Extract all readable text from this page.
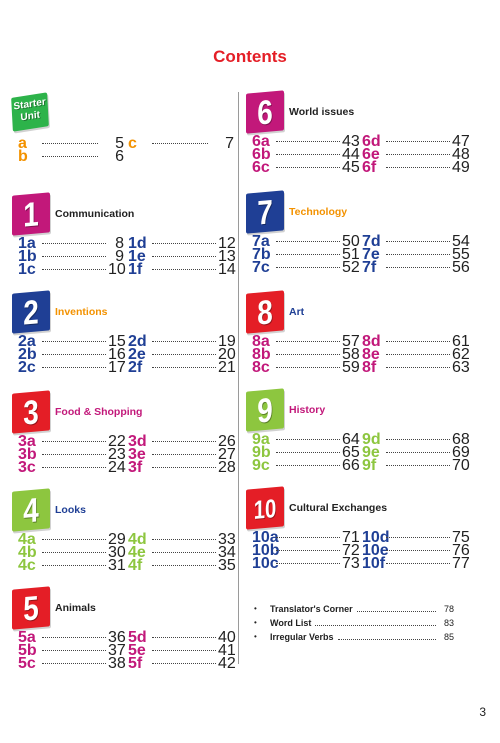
Contents
Starter Unit
a	5 c	7
b	6
1	Communication
1a	8 1d	12
1b	9 1e	13
1c	10 1f	14
2	Inventions
2a	15 2d	19
2b	16 2e	20
2c	17 2f	21
3	Food & Shopping
3a	22 3d	26
3b	23 3e	27
3c	24 3f	28
4	Looks
4a	29 4d	33
4b	30 4e	34
4c	31 4f	35
5	Animals
5a	36 5d	40
5b	37 5e	41
5c	38 5f	42
6	World issues
6a	43 6d	47
6b	44 6e	48
6c	45 6f	49
7	Technology
7a	50 7d	54
7b	51 7e	55
7c	52 7f	56
8	Art
8a	57 8d	61
8b	58 8e	62
8c	59 8f	63
9	History
9a	64 9d	68
9b	65 9e	69
9c	66 9f	70
10	Cultural Exchanges
10a	71 10d	75
10b	72 10e	76
10c	73 10f	77
• Translator's Corner	78
• Word List	83
• Irregular Verbs	85
3
